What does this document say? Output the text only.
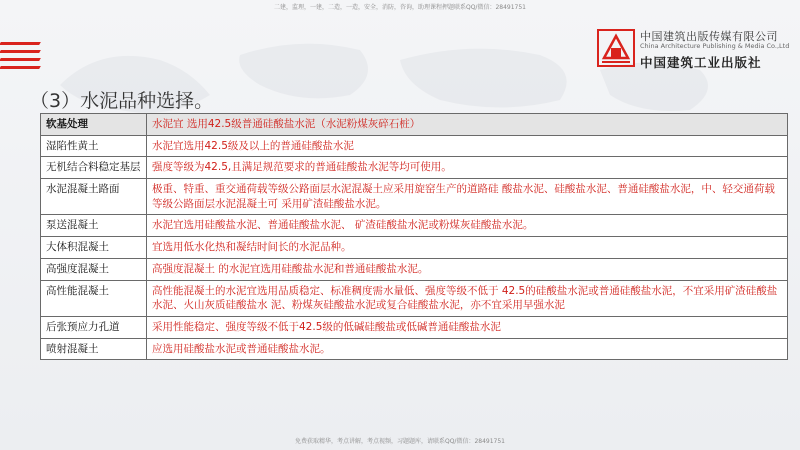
二建，监理，一建，二造，一造，安全，消防，咨询，助理课程押题联系QQ/微信：28491751
中国建筑出版传媒有限公司
China Architecture Publishing & Media Co.,Ltd
中国建筑工业出版社
（3）水泥品种选择。
软基处理	水泥宜 选用42.5级普通硅酸盐水泥（水泥粉煤灰碎石桩）
湿陷性黄土	水泥宜选用42.5级及以上的普通硅酸盐水泥
无机结合料稳定基层	强度等级为42.5,且满足规范要求的普通硅酸盐水泥等均可使用。
水泥混凝土路面	极重、特重、重交通荷载等级公路面层水泥混凝土应采用旋窑生产的道路硅 酸盐水泥、硅酸盐水泥、普通硅酸盐水泥，中、轻交通荷载等级公路面层水泥混凝土可 采用矿渣硅酸盐水泥。
泵送混凝土	水泥宜选用硅酸盐水泥、普通硅酸盐水泥、 矿渣硅酸盐水泥或粉煤灰硅酸盐水泥。
大体积混凝土	宜选用低水化热和凝结时间长的水泥品种。
高强度混凝土	高强度混凝土 的水泥宜选用硅酸盐水泥和普通硅酸盐水泥。
高性能混凝土	高性能混凝土的水泥宜选用品质稳定、标准稠度需水量低、强度等级不低于 42.5的硅酸盐水泥或普通硅酸盐水泥，不宜采用矿渣硅酸盐水泥、火山灰质硅酸盐水 泥、粉煤灰硅酸盐水泥或复合硅酸盐水泥，亦不宜采用早强水泥
后张预应力孔道	采用性能稳定、强度等级不低于42.5级的低碱硅酸盐或低碱普通硅酸盐水泥
喷射混凝土	应选用硅酸盐水泥或普通硅酸盐水泥。
免费获取精华，考点讲解，考点视频，习题题库，请联系QQ/微信：28491751
